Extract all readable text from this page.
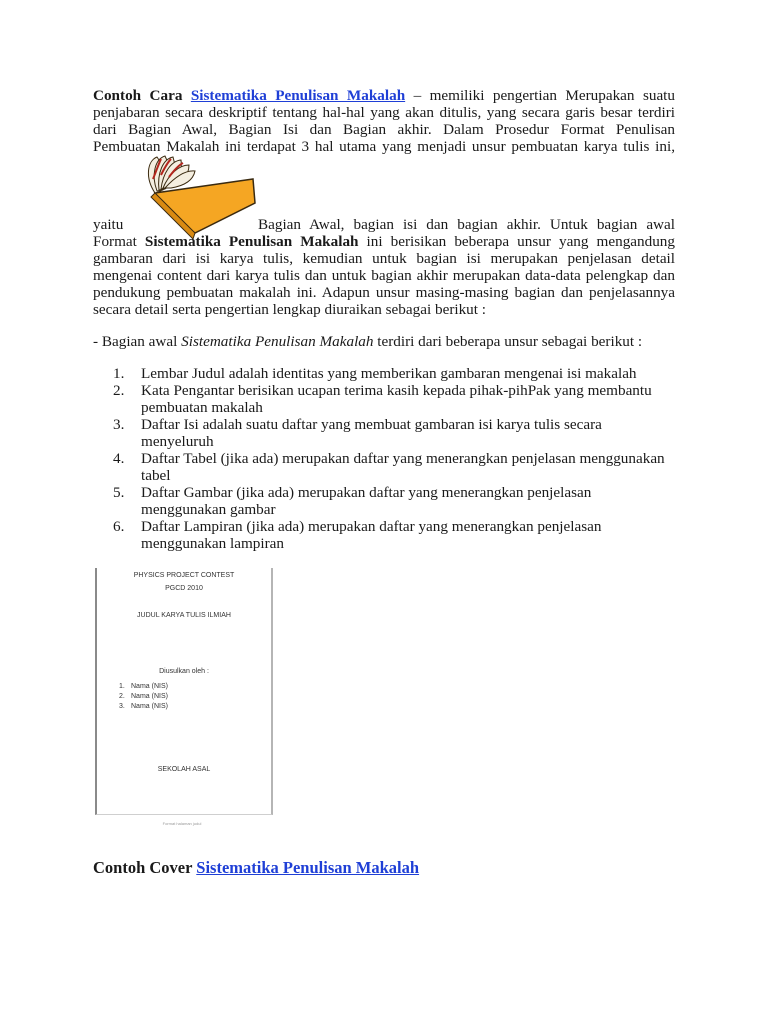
Contoh Cara Sistematika Penulisan Makalah – memiliki pengertian Merupakan suatu
penjabaran secara deskriptif tentang hal-hal yang akan ditulis, yang secara garis besar terdiri
dari Bagian Awal, Bagian Isi dan Bagian akhir. Dalam Prosedur Format Penulisan
Pembuatan Makalah ini terdapat 3 hal utama yang menjadi unsur pembuatan karya tulis ini,
yaitu	Bagian Awal, bagian isi dan bagian akhir. Untuk bagian awal
Format Sistematika Penulisan Makalah ini berisikan beberapa unsur yang mengandung
gambaran dari isi karya tulis, kemudian untuk bagian isi merupakan penjelasan detail
mengenai content dari karya tulis dan untuk bagian akhir merupakan data-data pelengkap dan
pendukung pembuatan makalah ini. Adapun unsur masing-masing bagian dan penjelasannya
secara detail serta pengertian lengkap diuraikan sebagai berikut :
- Bagian awal Sistematika Penulisan Makalah terdiri dari beberapa unsur sebagai berikut :
1. Lembar Judul adalah identitas yang memberikan gambaran mengenai isi makalah
2. Kata Pengantar berisikan ucapan terima kasih kepada pihak-pihPak yang membantu pembuatan makalah
3. Daftar Isi adalah suatu daftar yang membuat gambaran isi karya tulis secara menyeluruh
4. Daftar Tabel (jika ada) merupakan daftar yang menerangkan penjelasan menggunakan tabel
5. Daftar Gambar (jika ada) merupakan daftar yang menerangkan penjelasan menggunakan gambar
6. Daftar Lampiran (jika ada) merupakan daftar yang menerangkan penjelasan menggunakan lampiran
PHYSICS PROJECT CONTEST
PGCD 2010
JUDUL KARYA TULIS ILMIAH
Diusulkan oleh :
1. Nama (NIS)
2. Nama (NIS)
3. Nama (NIS)
SEKOLAH ASAL
Format halaman judul
Contoh Cover Sistematika Penulisan Makalah
